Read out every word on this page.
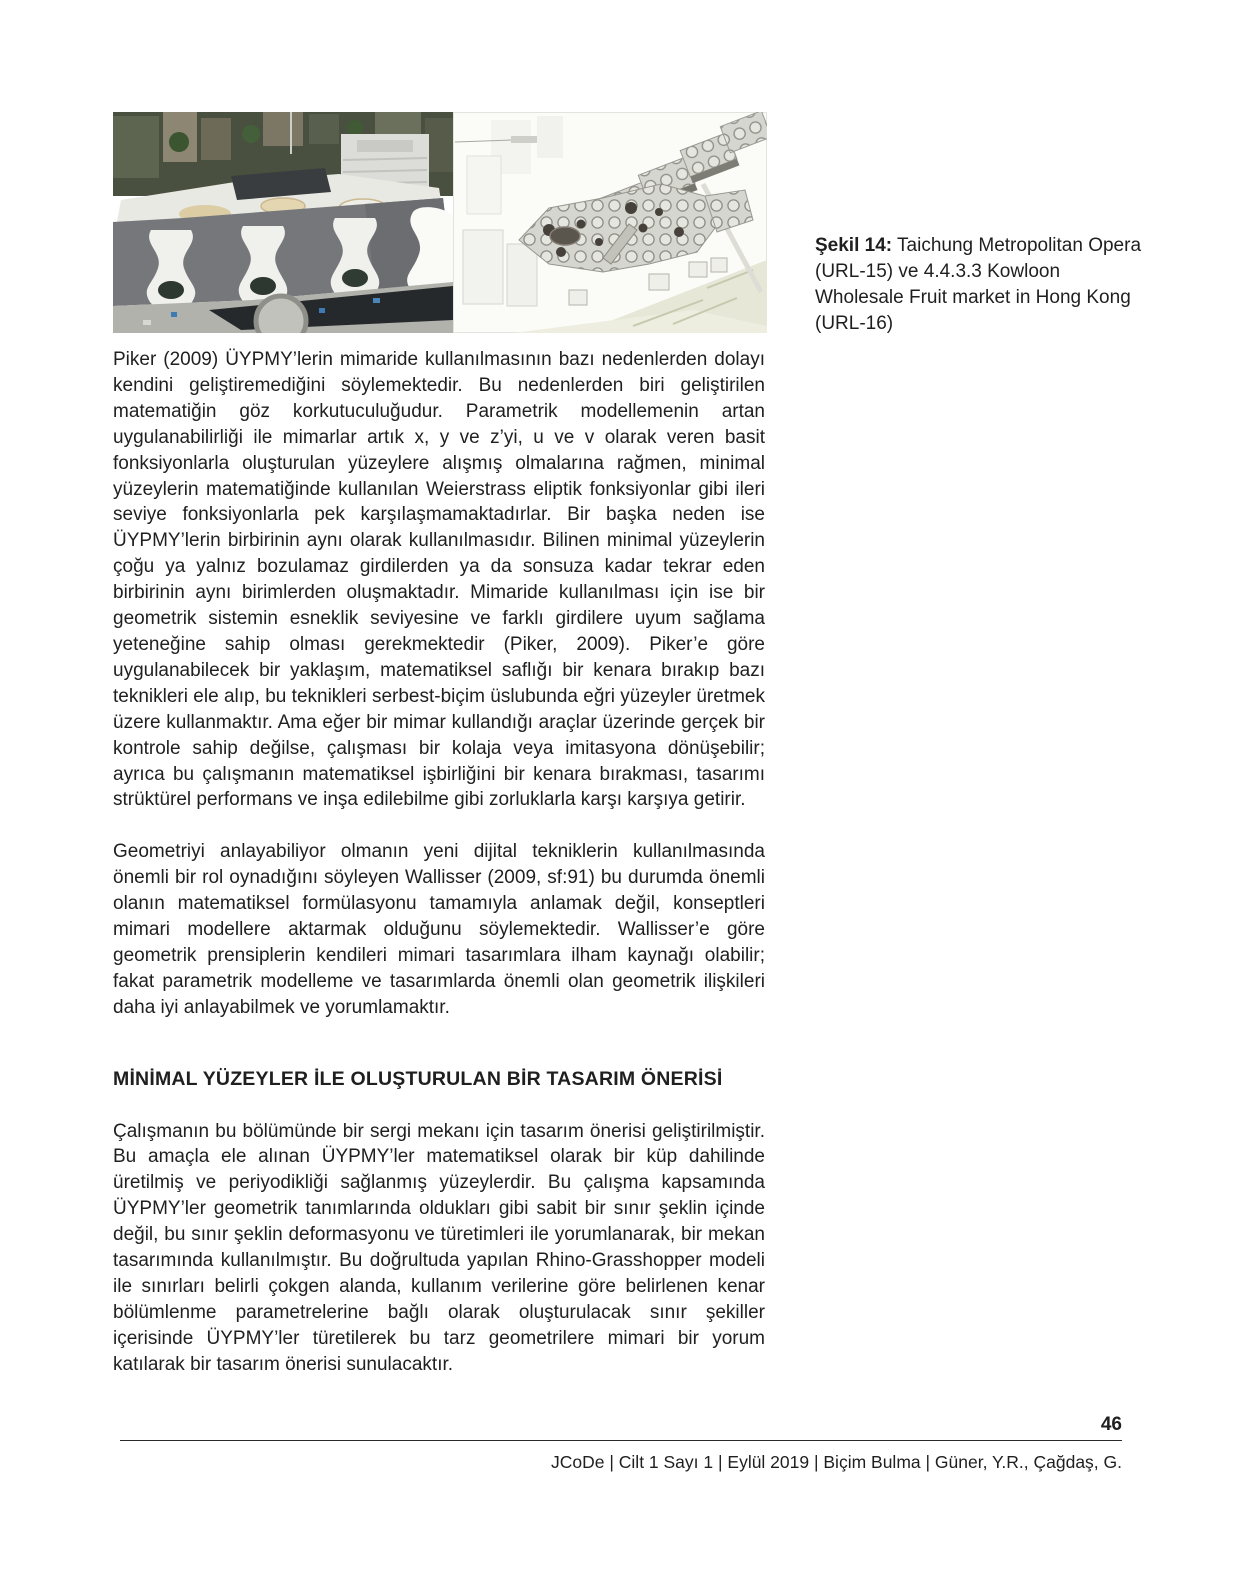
Şekil 14: Taichung Metropolitan Opera (URL-15) ve 4.4.3.3 Kowloon Wholesale Fruit market in Hong Kong (URL-16)

Piker (2009) ÜYPMY’lerin mimaride kullanılmasının bazı nedenlerden dolayı kendini geliştiremediğini söylemektedir. Bu nedenlerden biri geliştirilen matematiğin göz korkutuculuğudur. Parametrik modellemenin artan uygulanabilirliği ile mimarlar artık x, y ve z’yi, u ve v olarak veren basit fonksiyonlarla oluşturulan yüzeylere alışmış olmalarına rağmen, minimal yüzeylerin matematiğinde kullanılan Weierstrass eliptik fonksiyonlar gibi ileri seviye fonksiyonlarla pek karşılaşmamaktadırlar. Bir başka neden ise ÜYPMY’lerin birbirinin aynı olarak kullanılmasıdır. Bilinen minimal yüzeylerin çoğu ya yalnız bozulamaz girdilerden ya da sonsuza kadar tekrar eden birbirinin aynı birimlerden oluşmaktadır. Mimaride kullanılması için ise bir geometrik sistemin esneklik seviyesine ve farklı girdilere uyum sağlama yeteneğine sahip olması gerekmektedir (Piker, 2009). Piker’e göre uygulanabilecek bir yaklaşım, matematiksel saflığı bir kenara bırakıp bazı teknikleri ele alıp, bu teknikleri serbest-biçim üslubunda eğri yüzeyler üretmek üzere kullanmaktır. Ama eğer bir mimar kullandığı araçlar üzerinde gerçek bir kontrole sahip değilse, çalışması bir kolaja veya imitasyona dönüşebilir; ayrıca bu çalışmanın matematiksel işbirliğini bir kenara bırakması, tasarımı strüktürel performans ve inşa edilebilme gibi zorluklarla karşı karşıya getirir.

Geometriyi anlayabiliyor olmanın yeni dijital tekniklerin kullanılmasında önemli bir rol oynadığını söyleyen Wallisser (2009, sf:91) bu durumda önemli olanın matematiksel formülasyonu tamamıyla anlamak değil, konseptleri mimari modellere aktarmak olduğunu söylemektedir. Wallisser’e göre geometrik prensiplerin kendileri mimari tasarımlara ilham kaynağı olabilir; fakat parametrik modelleme ve tasarımlarda önemli olan geometrik ilişkileri daha iyi anlayabilmek ve yorumlamaktır.

MİNİMAL YÜZEYLER İLE OLUŞTURULAN BİR TASARIM ÖNERİSİ

Çalışmanın bu bölümünde bir sergi mekanı için tasarım önerisi geliştirilmiştir. Bu amaçla ele alınan ÜYPMY’ler matematiksel olarak bir küp dahilinde üretilmiş ve periyodikliği sağlanmış yüzeylerdir. Bu çalışma kapsamında ÜYPMY’ler geometrik tanımlarında oldukları gibi sabit bir sınır şeklin içinde değil, bu sınır şeklin deformasyonu ve türetimleri ile yorumlanarak, bir mekan tasarımında kullanılmıştır. Bu doğrultuda yapılan Rhino-Grasshopper modeli ile sınırları belirli çokgen alanda, kullanım verilerine göre belirlenen kenar bölümlenme parametrelerine bağlı olarak oluşturulacak sınır şekiller içerisinde ÜYPMY’ler türetilerek bu tarz geometrilere mimari bir yorum katılarak bir tasarım önerisi sunulacaktır.

46
JCoDe | Cilt 1 Sayı 1 | Eylül 2019 | Biçim Bulma | Güner, Y.R., Çağdaş, G.
